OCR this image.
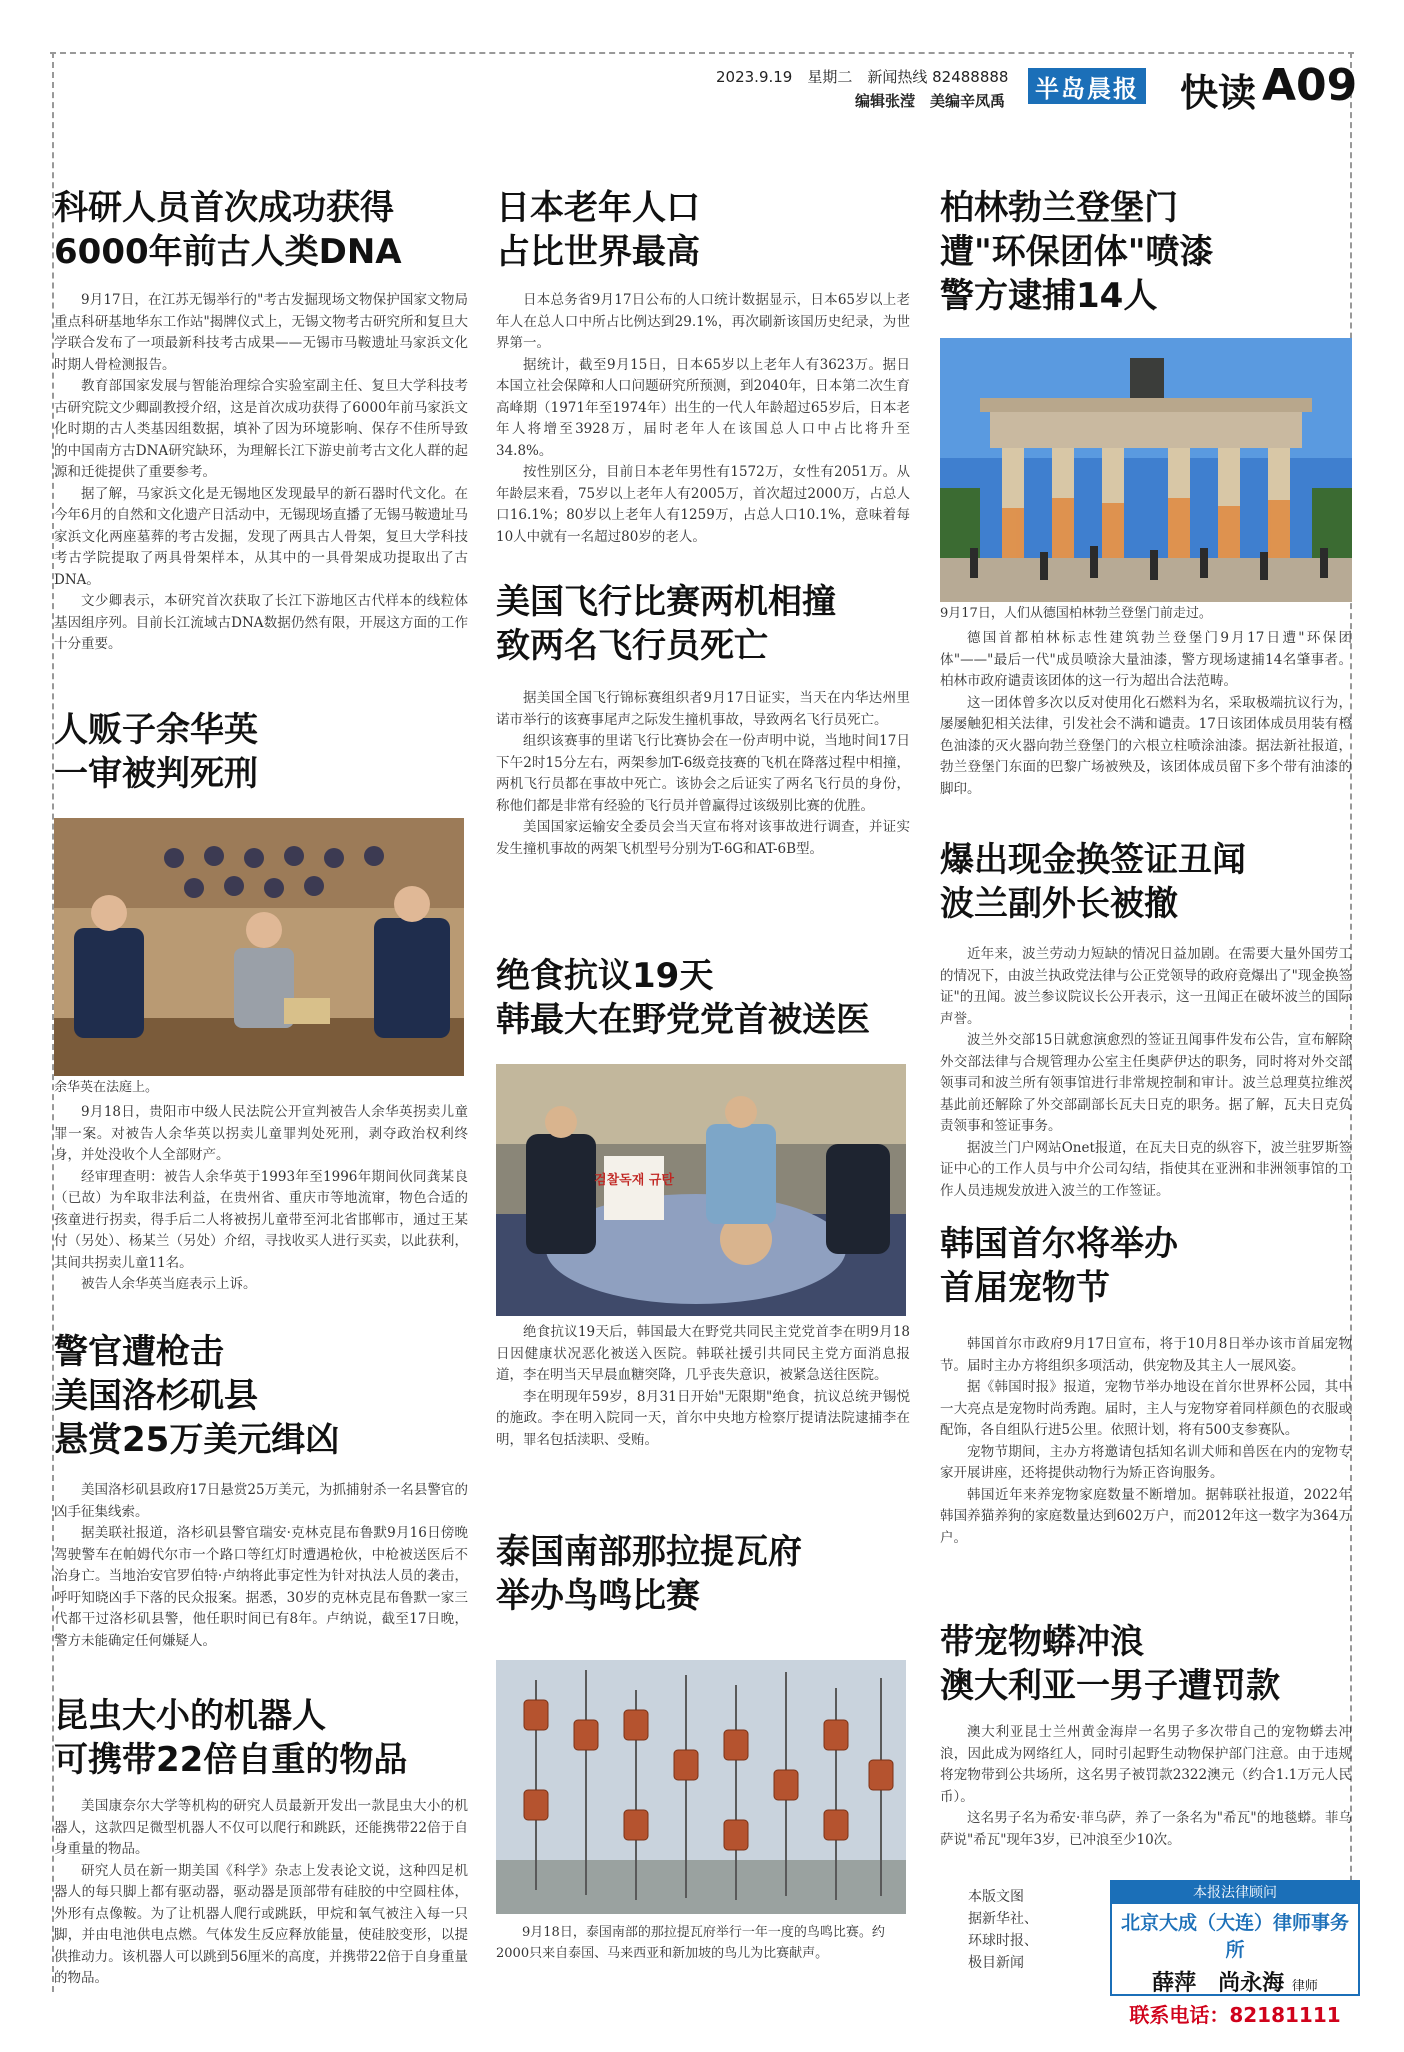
2023.9.19　星期二　新闻热线 82488888
编辑张滢　美编辛凤禹 半岛晨报 快读 A09
科研人员首次成功获得
6000年前古人类DNA

9月17日，在江苏无锡举行的"考古发掘现场文物保护国家文物局重点科研基地华东工作站"揭牌仪式上，无锡文物考古研究所和复旦大学联合发布了一项最新科技考古成果——无锡市马鞍遗址马家浜文化时期人骨检测报告。

教育部国家发展与智能治理综合实验室副主任、复旦大学科技考古研究院文少卿副教授介绍，这是首次成功获得了6000年前马家浜文化时期的古人类基因组数据，填补了因为环境影响、保存不佳所导致的中国南方古DNA研究缺环，为理解长江下游史前考古文化人群的起源和迁徙提供了重要参考。

据了解，马家浜文化是无锡地区发现最早的新石器时代文化。在今年6月的自然和文化遗产日活动中，无锡现场直播了无锡马鞍遗址马家浜文化两座墓葬的考古发掘，发现了两具古人骨架，复旦大学科技考古学院提取了两具骨架样本，从其中的一具骨架成功提取出了古DNA。

文少卿表示，本研究首次获取了长江下游地区古代样本的线粒体基因组序列。目前长江流域古DNA数据仍然有限，开展这方面的工作十分重要。

人贩子余华英
一审被判死刑
余华英在法庭上。

9月18日，贵阳市中级人民法院公开宣判被告人余华英拐卖儿童罪一案。对被告人余华英以拐卖儿童罪判处死刑，剥夺政治权利终身，并处没收个人全部财产。

经审理查明：被告人余华英于1993年至1996年期间伙同龚某良（已故）为牟取非法利益，在贵州省、重庆市等地流窜，物色合适的孩童进行拐卖，得手后二人将被拐儿童带至河北省邯郸市，通过王某付（另处）、杨某兰（另处）介绍，寻找收买人进行买卖，以此获利，其间共拐卖儿童11名。

被告人余华英当庭表示上诉。

警官遭枪击
美国洛杉矶县
悬赏25万美元缉凶

美国洛杉矶县政府17日悬赏25万美元，为抓捕射杀一名县警官的凶手征集线索。

据美联社报道，洛杉矶县警官瑞安·克林克昆布鲁默9月16日傍晚驾驶警车在帕姆代尔市一个路口等红灯时遭遇枪伙，中枪被送医后不治身亡。当地治安官罗伯特·卢纳将此事定性为针对执法人员的袭击，呼吁知晓凶手下落的民众报案。据悉，30岁的克林克昆布鲁默一家三代都干过洛杉矶县警，他任职时间已有8年。卢纳说，截至17日晚，警方未能确定任何嫌疑人。

昆虫大小的机器人
可携带22倍自重的物品

美国康奈尔大学等机构的研究人员最新开发出一款昆虫大小的机器人，这款四足微型机器人不仅可以爬行和跳跃，还能携带22倍于自身重量的物品。

研究人员在新一期美国《科学》杂志上发表论文说，这种四足机器人的每只脚上都有驱动器，驱动器是顶部带有硅胶的中空圆柱体，外形有点像鞍。为了让机器人爬行或跳跃，甲烷和氧气被注入每一只脚，并由电池供电点燃。气体发生反应释放能量，使硅胶变形，以提供推动力。该机器人可以跳到56厘米的高度，并携带22倍于自身重量的物品。

日本老年人口
占比世界最高

日本总务省9月17日公布的人口统计数据显示，日本65岁以上老年人在总人口中所占比例达到29.1%，再次刷新该国历史纪录，为世界第一。

据统计，截至9月15日，日本65岁以上老年人有3623万。据日本国立社会保障和人口问题研究所预测，到2040年，日本第二次生育高峰期（1971年至1974年）出生的一代人年龄超过65岁后，日本老年人将增至3928万，届时老年人在该国总人口中占比将升至34.8%。

按性别区分，目前日本老年男性有1572万，女性有2051万。从年龄层来看，75岁以上老年人有2005万，首次超过2000万，占总人口16.1%；80岁以上老年人有1259万，占总人口10.1%，意味着每10人中就有一名超过80岁的老人。

美国飞行比赛两机相撞
致两名飞行员死亡

据美国全国飞行锦标赛组织者9月17日证实，当天在内华达州里诺市举行的该赛事尾声之际发生撞机事故，导致两名飞行员死亡。

组织该赛事的里诺飞行比赛协会在一份声明中说，当地时间17日下午2时15分左右，两架参加T-6级竞技赛的飞机在降落过程中相撞，两机飞行员都在事故中死亡。该协会之后证实了两名飞行员的身份，称他们都是非常有经验的飞行员并曾赢得过该级别比赛的优胜。

美国国家运输安全委员会当天宣布将对该事故进行调查，并证实发生撞机事故的两架飞机型号分别为T-6G和AT-6B型。

绝食抗议19天
韩最大在野党党首被送医
검찰독재 규탄

绝食抗议19天后，韩国最大在野党共同民主党党首李在明9月18日因健康状况恶化被送入医院。韩联社援引共同民主党方面消息报道，李在明当天早晨血糖突降，几乎丧失意识，被紧急送往医院。

李在明现年59岁，8月31日开始"无限期"绝食，抗议总统尹锡悦的施政。李在明入院同一天，首尔中央地方检察厅提请法院逮捕李在明，罪名包括渎职、受贿。

泰国南部那拉提瓦府
举办鸟鸣比赛
9月18日，泰国南部的那拉提瓦府举行一年一度的鸟鸣比赛。约2000只来自泰国、马来西亚和新加坡的鸟儿为比赛献声。
柏林勃兰登堡门
遭"环保团体"喷漆
警方逮捕14人
9月17日，人们从德国柏林勃兰登堡门前走过。

德国首都柏林标志性建筑勃兰登堡门9月17日遭"环保团体"——"最后一代"成员喷涂大量油漆，警方现场逮捕14名肇事者。柏林市政府谴责该团体的这一行为超出合法范畴。

这一团体曾多次以反对使用化石燃料为名，采取极端抗议行为，屡屡触犯相关法律，引发社会不满和谴责。17日该团体成员用装有橙色油漆的灭火器向勃兰登堡门的六根立柱喷涂油漆。据法新社报道，勃兰登堡门东面的巴黎广场被殃及，该团体成员留下多个带有油漆的脚印。

爆出现金换签证丑闻
波兰副外长被撤

近年来，波兰劳动力短缺的情况日益加剧。在需要大量外国劳工的情况下，由波兰执政党法律与公正党领导的政府竟爆出了"现金换签证"的丑闻。波兰参议院议长公开表示，这一丑闻正在破坏波兰的国际声誉。

波兰外交部15日就愈演愈烈的签证丑闻事件发布公告，宣布解除外交部法律与合规管理办公室主任奥萨伊达的职务，同时将对外交部领事司和波兰所有领事馆进行非常规控制和审计。波兰总理莫拉维茨基此前还解除了外交部副部长瓦夫日克的职务。据了解，瓦夫日克负责领事和签证事务。

据波兰门户网站Onet报道，在瓦夫日克的纵容下，波兰驻罗斯签证中心的工作人员与中介公司勾结，指使其在亚洲和非洲领事馆的工作人员违规发放进入波兰的工作签证。

韩国首尔将举办
首届宠物节

韩国首尔市政府9月17日宣布，将于10月8日举办该市首届宠物节。届时主办方将组织多项活动，供宠物及其主人一展风姿。

据《韩国时报》报道，宠物节举办地设在首尔世界杯公园，其中一大亮点是宠物时尚秀跑。届时，主人与宠物穿着同样颜色的衣服或配饰，各自组队行进5公里。依照计划，将有500支参赛队。

宠物节期间，主办方将邀请包括知名训犬师和兽医在内的宠物专家开展讲座，还将提供动物行为矫正咨询服务。

韩国近年来养宠物家庭数量不断增加。据韩联社报道，2022年韩国养猫养狗的家庭数量达到602万户，而2012年这一数字为364万户。

带宠物蟒冲浪
澳大利亚一男子遭罚款

澳大利亚昆士兰州黄金海岸一名男子多次带自己的宠物蟒去冲浪，因此成为网络红人，同时引起野生动物保护部门注意。由于违规将宠物带到公共场所，这名男子被罚款2322澳元（约合1.1万元人民币）。

这名男子名为希安·菲乌萨，养了一条名为"希瓦"的地毯蟒。菲乌萨说"希瓦"现年3岁，已冲浪至少10次。

本版文图
据新华社、
环球时报、
极目新闻
本报法律顾问
北京大成（大连）律师事务所
薛萍　尚永海 律师
联系电话：82181111
